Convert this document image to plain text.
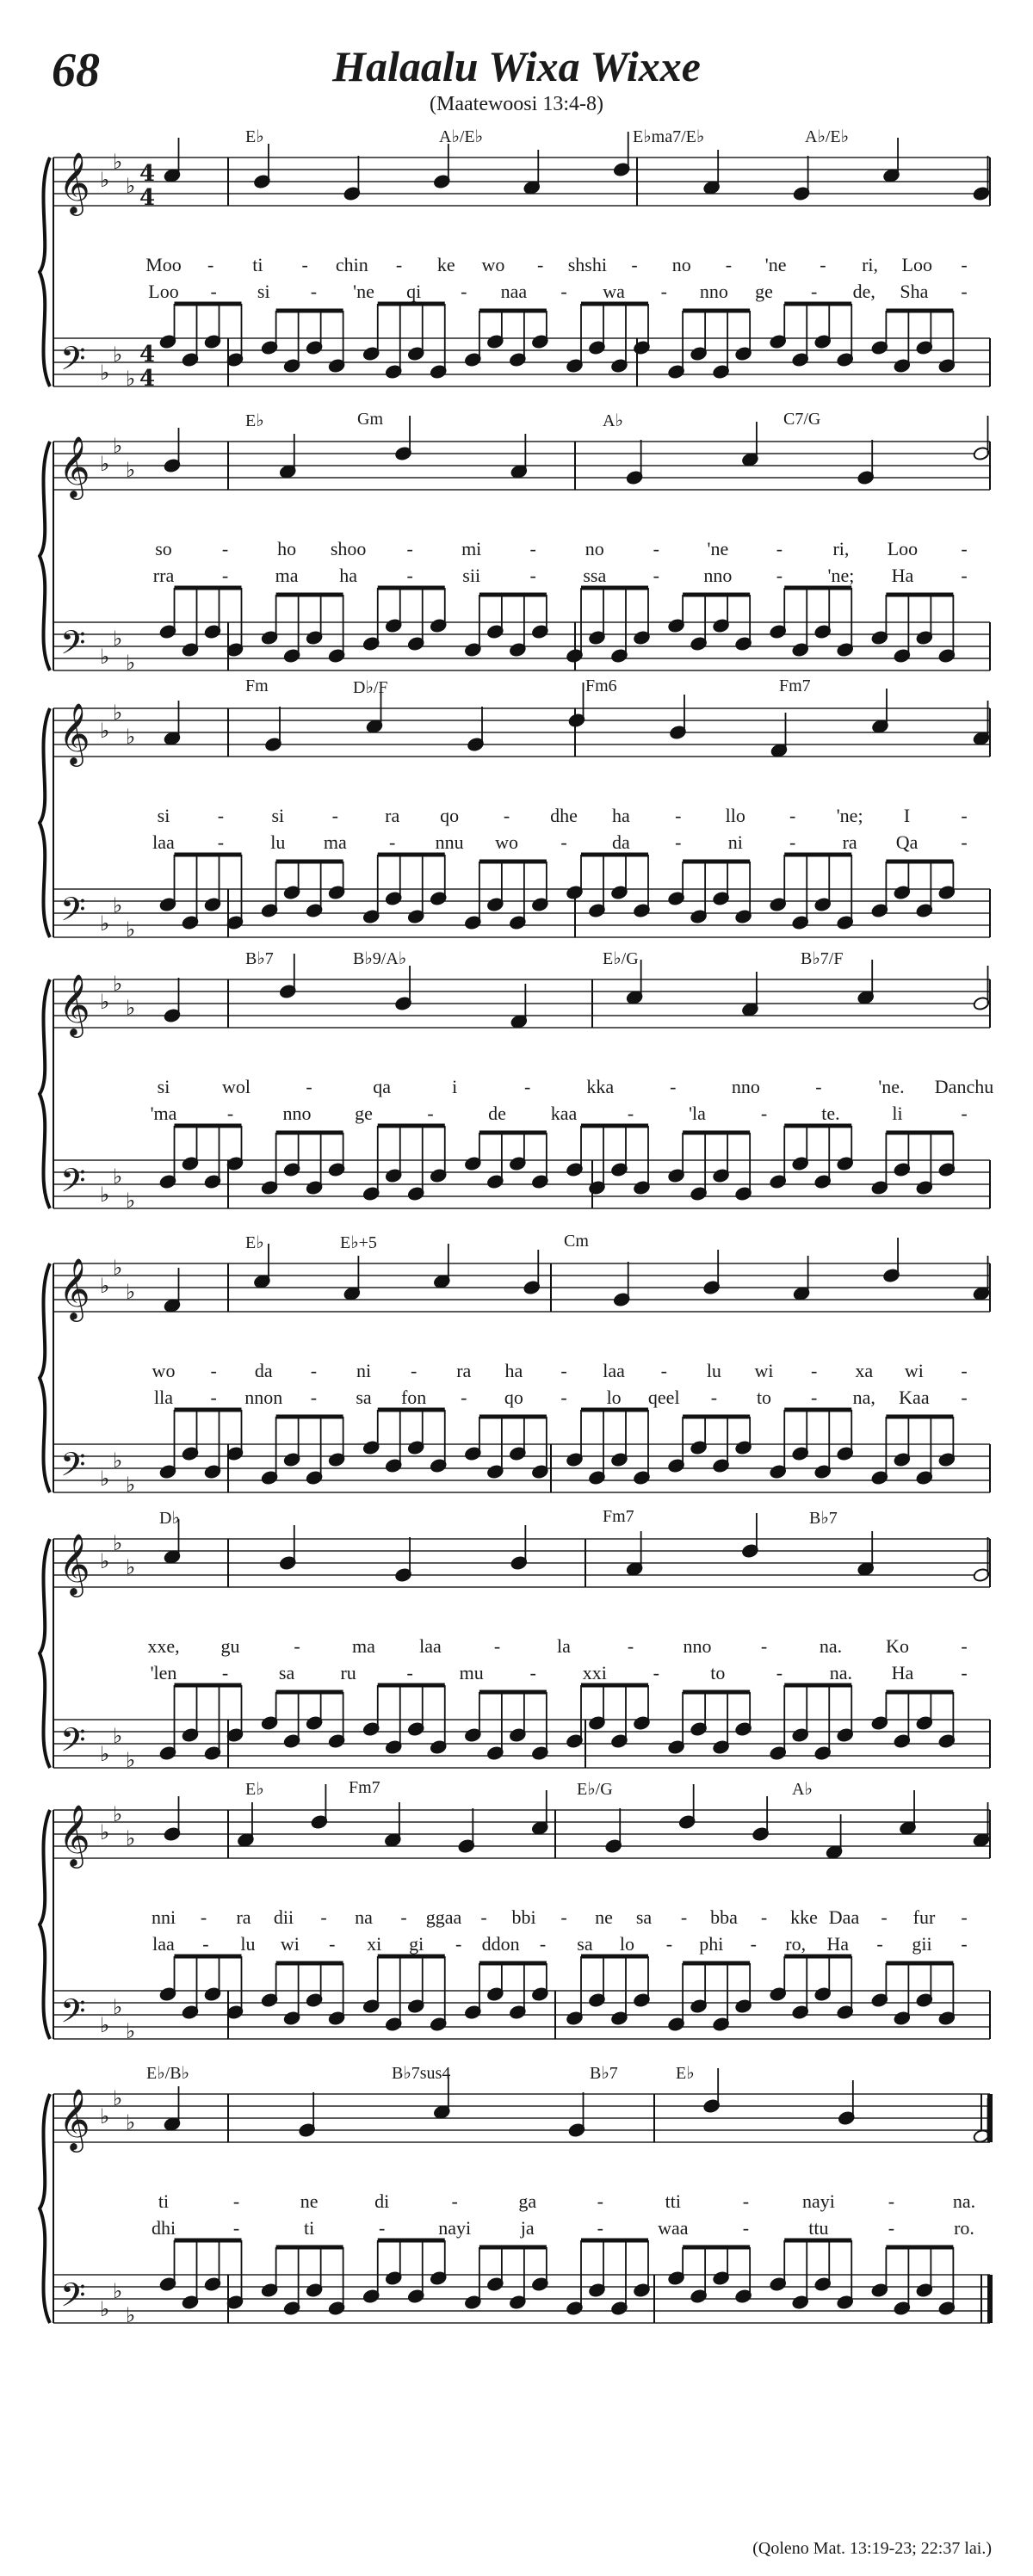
68	Halaalu Wixa Wixxe
(Maatewoosi 13:4-8)
𝄞
𝄢
♭
♭
♭
♭
♭
♭
4
4
4
4
E♭	A♭/E♭	E♭ma7/E♭	A♭/E♭
Moo - ti - chin - ke wo - shshi - no - 'ne - ri, Loo -
Loo - si - 'ne qi - naa - wa - nno ge - de, Sha -
𝄞
𝄢
♭
♭
♭
♭
♭
♭
E♭	Gm	A♭	C7/G
so	-	ho shoo -	mi	-	no	-	'ne	-	ri, Loo -
rra	- ma ha	-	sii	- ssa - nno - 'ne; Ha	-
𝄞
𝄢
♭
♭
♭
♭
♭
♭
Fm	D♭/F	Fm6	Fm7
si	-	si	- ra qo - dhe ha - llo - 'ne; I	-
laa - lu ma - nnu wo - da - ni - ra Qa -
𝄞
𝄢
♭
♭
♭
♭
♭
♭
B♭7	B♭9/A♭	E♭/G	B♭7/F
si	wol	-	qa	i	-	kka	-	nno	-	'ne. Danchu
'ma	-	nno ge	-	de kaa	-	'la	-	te.	li	-
𝄞
𝄢
♭
♭
♭
♭
♭
♭
E♭	E♭+5	Cm
wo - da - ni - ra ha - laa - lu wi - xa wi -
lla - nnon - sa fon - qo - lo qeel - to - na, Kaa -
𝄞
𝄢
♭
♭
♭
♭
♭
♭
D♭	Fm7	B♭7
xxe, gu	-	ma laa	-	la	-	nno	-	na. Ko	-
'len -	sa ru	- mu - xxi -	to	- na. Ha	-
𝄞
𝄢
♭
♭
♭
♭
♭
♭
E♭	Fm7	E♭/G	A♭
nni - ra dii - na - ggaa - bbi - ne sa - bba - kke Daa - fur -
laa - lu wi - xi gi - ddon - sa lo - phi - ro, Ha - gii -
𝄞
𝄢
♭
♭
♭
♭
♭
♭
E♭/B♭	B♭7sus4	B♭7	E♭
ti	-	ne	di	-	ga	-	tti	-	nayi	-	na.
dhi	-	ti	-	nayi	ja	-	waa	-	ttu	-	ro.
(Qoleno Mat. 13:19-23; 22:37 lai.)
